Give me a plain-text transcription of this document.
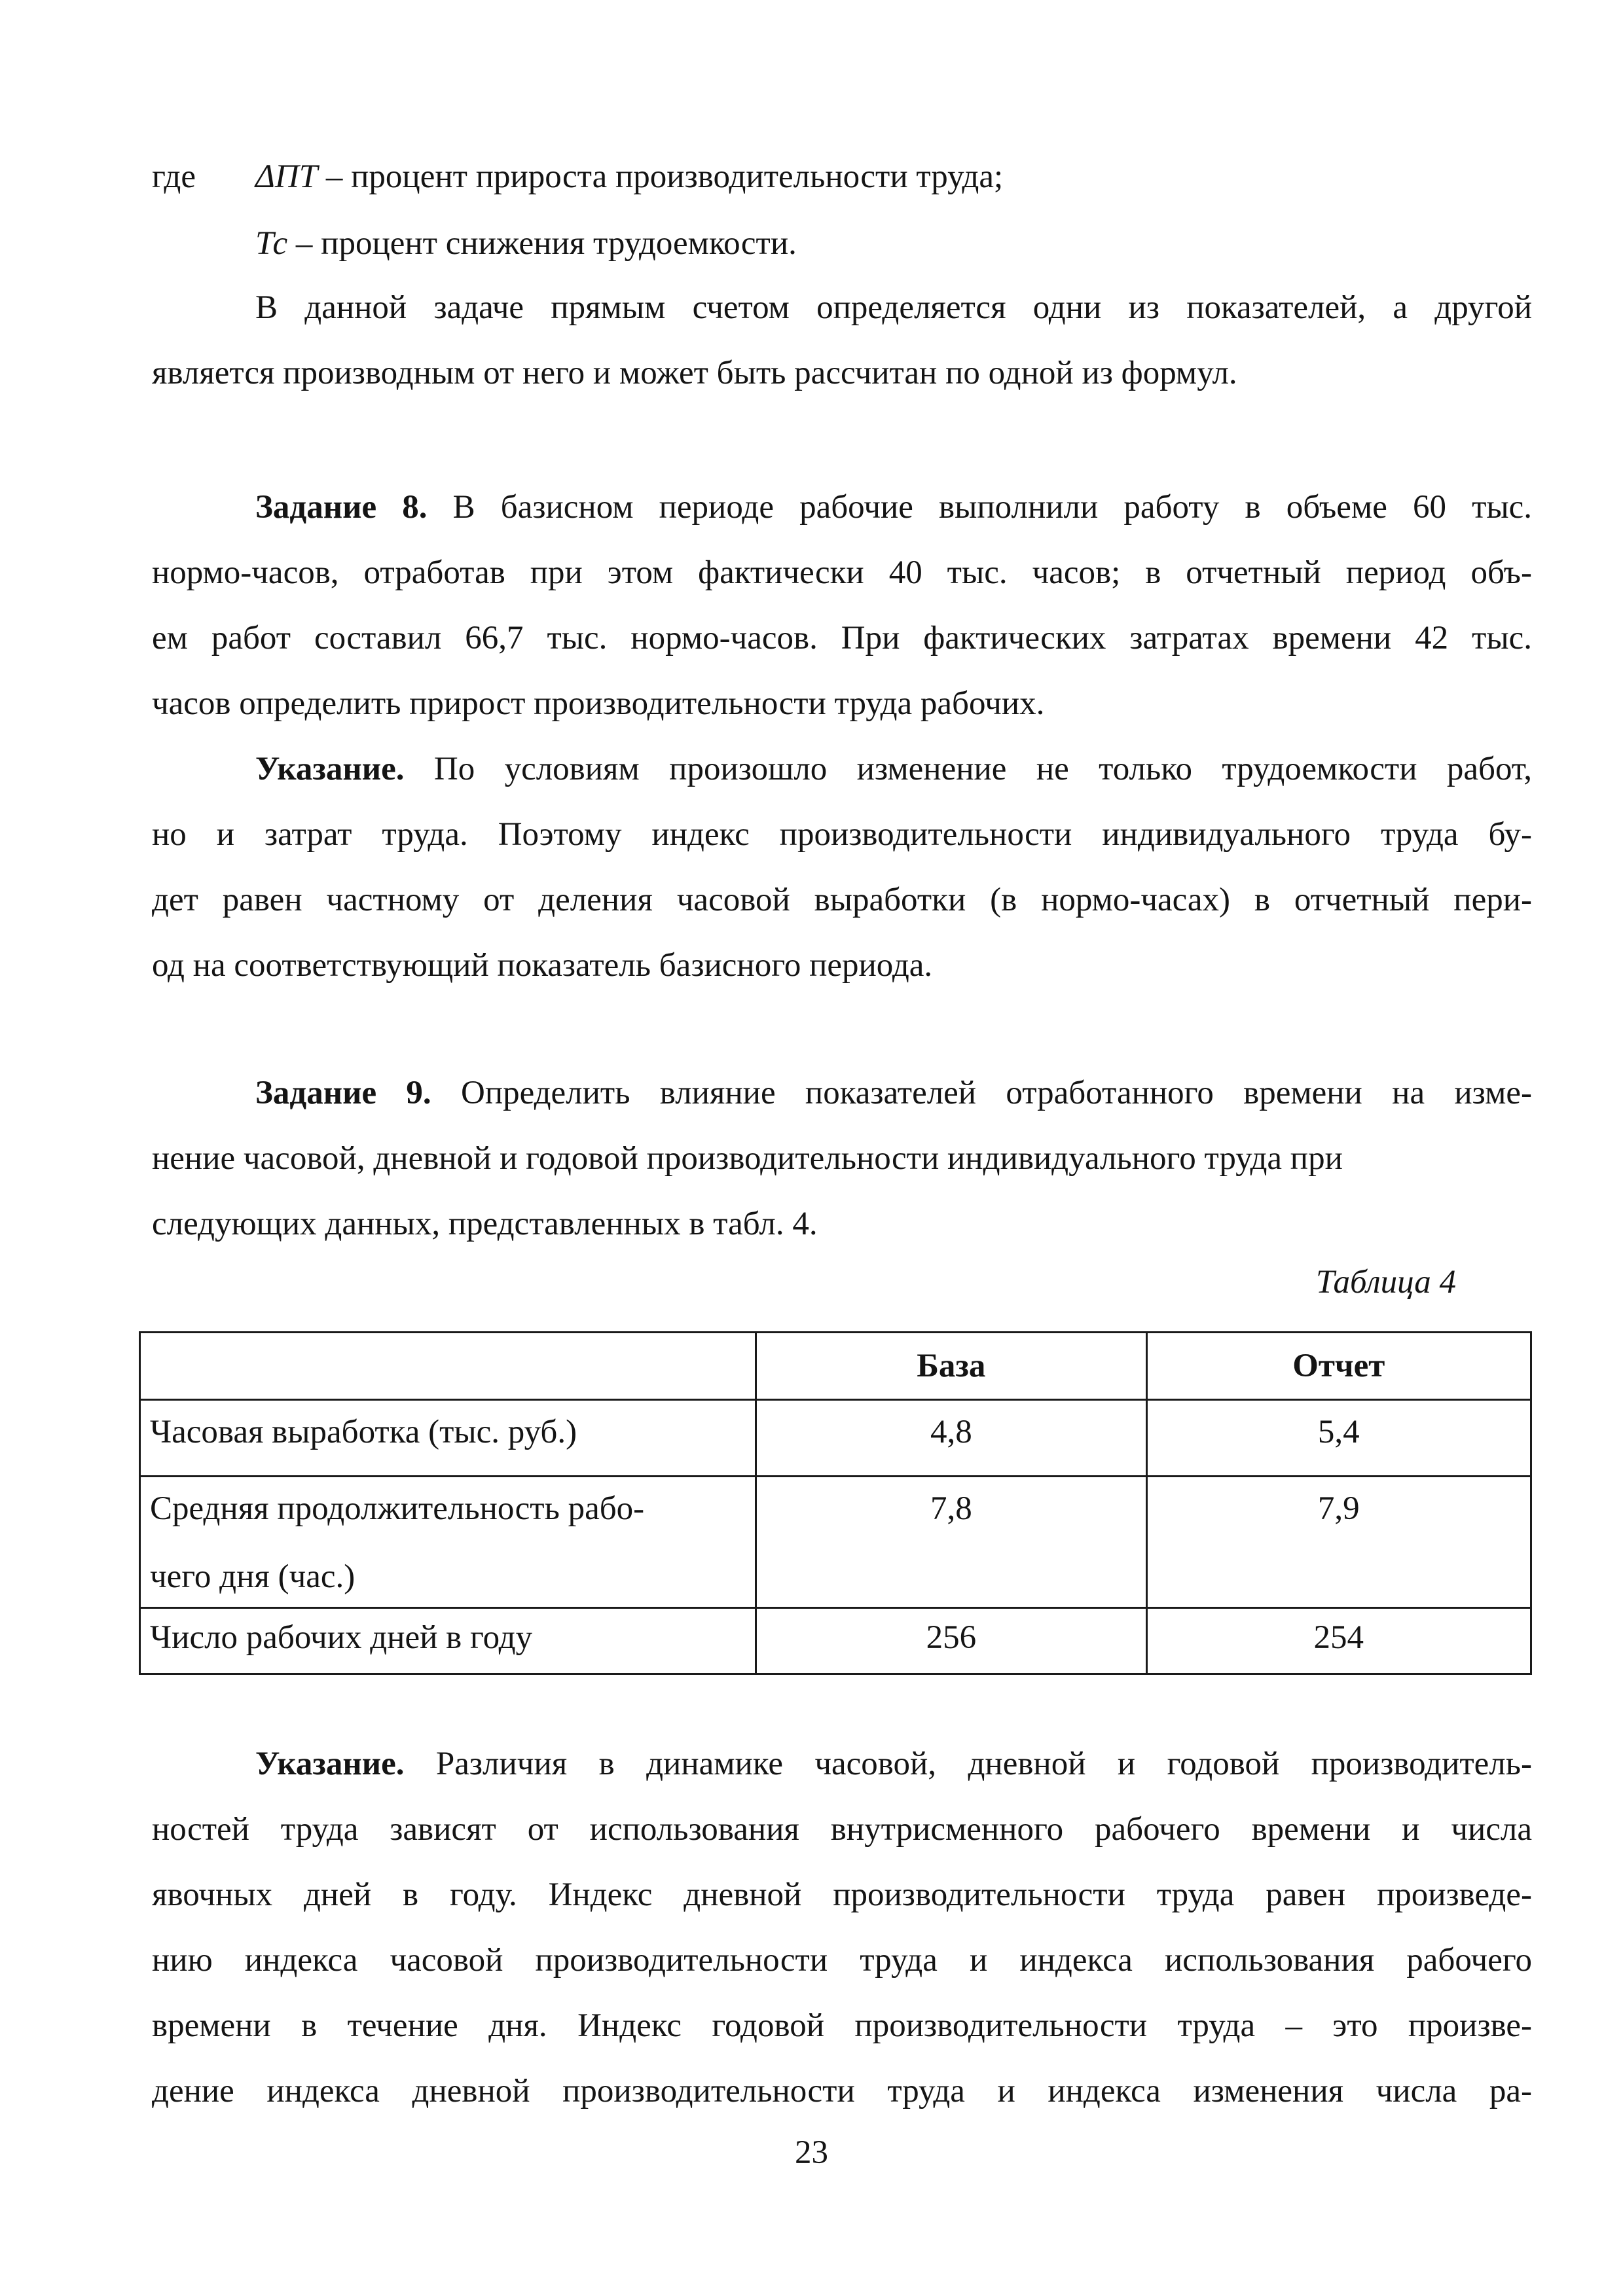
где ΔПТ – процент прироста производительности труда;
Тс – процент снижения трудоемкости.
В данной задаче прямым счетом определяется одни из показателей, а другой
является производным от него и может быть рассчитан по одной из формул.
Задание 8. В базисном периоде рабочие выполнили работу в объеме 60 тыс.
нормо-часов, отработав при этом фактически 40 тыс. часов; в отчетный период объ-
ем работ составил 66,7 тыс. нормо-часов. При фактических затратах времени 42 тыс.
часов определить прирост производительности труда рабочих.
Указание. По условиям произошло изменение не только трудоемкости работ,
но и затрат труда. Поэтому индекс производительности индивидуального труда бу-
дет равен частному от деления часовой выработки (в нормо-часах) в отчетный пери-
од на соответствующий показатель базисного периода.
Задание 9. Определить влияние показателей отработанного времени на изме-
нение часовой, дневной и годовой производительности индивидуального труда при
следующих данных, представленных в табл. 4.
Таблица 4
	База	Отчет
Часовая выработка (тыс. руб.)	4,8	5,4

Средняя продолжительность рабо-
чего дня (час.)	7,8	7,9
Число рабочих дней в году	256	254
Указание. Различия в динамике часовой, дневной и годовой производитель-
ностей труда зависят от использования внутрисменного рабочего времени и числа
явочных дней в году. Индекс дневной производительности труда равен произведе-
нию индекса часовой производительности труда и индекса использования рабочего
времени в течение дня. Индекс годовой производительности труда – это произве-
дение индекса дневной производительности труда и индекса изменения числа ра-
23
